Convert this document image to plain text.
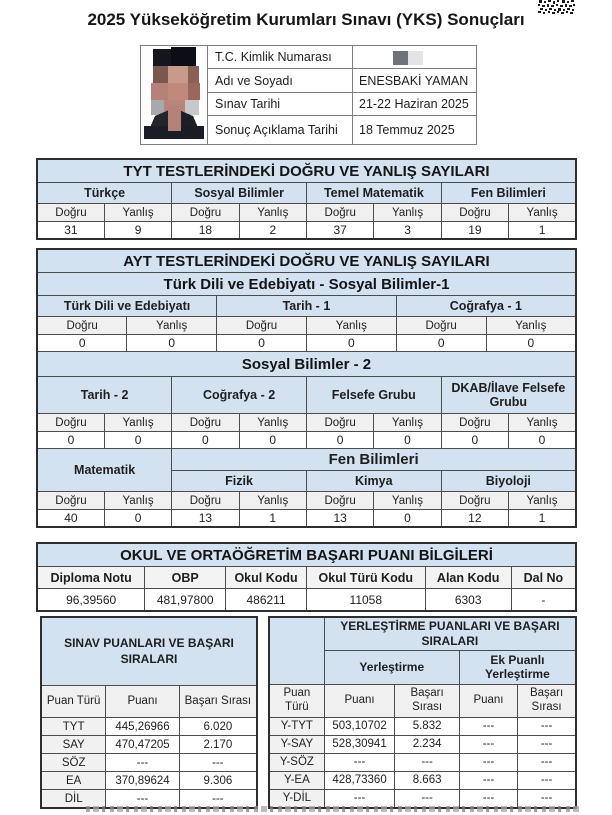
2025 Yükseköğretim Kurumları Sınavı (YKS) Sonuçları
	T.C. Kimlik Numarası	
	Adı ve Soyadı	ENESBAKİ YAMAN
	Sınav Tarihi	21-22 Haziran 2025
	Sonuç Açıklama Tarihi	18 Temmuz 2025
TYT TESTLERİNDEKİ DOĞRU VE YANLIŞ SAYILARI							
Türkçe		Sosyal Bilimler		Temel Matematik		Fen Bilimleri	
Doğru	Yanlış	Doğru	Yanlış	Doğru	Yanlış	Doğru	Yanlış
31	9	18	2	37	3	19	1
AYT TESTLERİNDEKİ DOĞRU VE YANLIŞ SAYILARI											
Türk Dili ve Edebiyatı - Sosyal Bilimler-1											
Türk Dili ve Edebiyatı				Tarih - 1				Coğrafya - 1			
Doğru		Yanlış		Doğru		Yanlış		Doğru		Yanlış	
0		0		0		0		0		0	
Sosyal Bilimler - 2											
Tarih - 2			Coğrafya - 2			Felsefe Grubu			DKAB/İlave Felsefe Grubu		
Doğru	Yanlış		Doğru		Yanlış	Doğru	Yanlış		Doğru		Yanlış
0	0		0		0	0	0		0		0
Matematik			Fen Bilimleri								
			Fizik			Kimya			Biyoloji		
Doğru	Yanlış		Doğru		Yanlış	Doğru	Yanlış		Doğru		Yanlış
40	0		13		1	13	0		12		1
OKUL VE ORTAÖĞRETİM BAŞARI PUANI BİLGİLERİ					
Diploma Notu	OBP	Okul Kodu	Okul Türü Kodu	Alan Kodu	Dal No
96,39560	481,97800	486211	11058	6303	-
SINAV PUANLARI VE BAŞARI SIRALARI		
Puan Türü	Puanı	Başarı Sırası
TYT	445,26966	6.020
SAY	470,47205	2.170
SÖZ	---	---
EA	370,89624	9.306
DİL	---	---
	YERLEŞTİRME PUANLARI VE BAŞARI SIRALARI			
	Yerleştirme		Ek Puanlı Yerleştirme	
Puan Türü	Puanı	Başarı Sırası	Puanı	Başarı Sırası
Y-TYT	503,10702	5.832	---	---
Y-SAY	528,30941	2.234	---	---
Y-SÖZ	---	---	---	---
Y-EA	428,73360	8.663	---	---
Y-DİL	---	---	---	---
